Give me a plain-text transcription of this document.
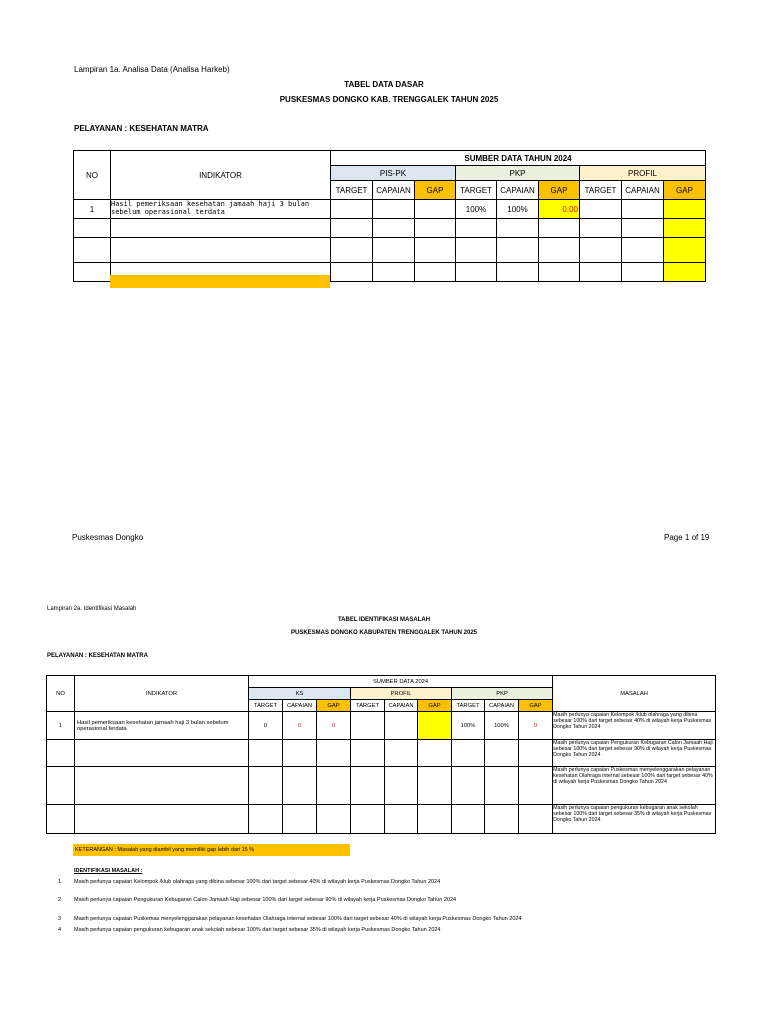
Lampiran 1a. Analisa Data (Analisa Harkeb)
TABEL DATA DASAR
PUSKESMAS DONGKO KAB. TRENGGALEK TAHUN 2025
PELAYANAN : KESEHATAN MATRA
NO	INDIKATOR	SUMBER DATA TAHUN 2024								
		PIS-PK			PKP			PROFIL		
		TARGET	CAPAIAN	GAP	TARGET	CAPAIAN	GAP	TARGET	CAPAIAN	GAP
1	Hasil pemeriksaan kesehatan jamaah haji 3 bulan sebelum operasional terdata				100%	100%	0.00			

Puskesmas Dongko	Page 1 of 19
Lampiran 2a. Identifikasi Masalah
TABEL IDENTIFIKASI MASALAH
PUSKESMAS DONGKO KABUPATEN TRENGGALEK TAHUN 2025
PELAYANAN : KESEHATAN MATRA
NO	INDIKATOR	SUMBER DATA 2024									MASALAH
		KS			PROFIL			PKP			
		TARGET	CAPAIAN	GAP	TARGET	CAPAIAN	GAP	TARGET	CAPAIAN	GAP	
1	Hasil pemeriksaan kesehatan jamaah haji 3 bulan sebelum operasional terdata	0	0	0				100%	100%	0	Masih perlunya capaian Kelompok /klub olahraga yang dibina sebesar 100% dari target sebesar 40% di wilayah kerja Puskesmas Dongko Tahun 2024
											Masih perlunya capaian Pengukuran Kebugaran Calon Jamaah Haji sebesar 100% dari target sebesar 90% di wilayah kerja Puskesmas Dongko Tahun 2024
											Masih perlunya capaian Puskesmas menyelenggarakan pelayanan kesehatan Olahraga internal sebesar 100% dari target sebesar 40% di wilayah kerja Puskesmas Dongko Tahun 2024
											Masih perlunya capaian pengukuran kebugaran anak sekolah sebesar 100% dari target sebesar 35% di wilayah kerja Puskesmas Dongko Tahun 2024
KETERANGAN : Masalah yang diambil yang memiliki gap lebih dari 15 %
IDENTIFIKASI MASALAH :
1 Masih perlunya capaian Kelompok /klub olahraga yang dibina sebesar 100% dari target sebesar 40% di wilayah kerja Puskesmas Dongko Tahun 2024
2 Masih perlunya capaian Pengukuran Kebugaran Calon Jamaah Haji sebesar 100% dari target sebesar 90% di wilayah kerja Puskesmas Dongko Tahun 2024
3 Masih perlunya capaian Puskemas menyelenggarakan pelayanan kesehatan Olahraga internal sebesar 100% dari target sebesar 40% di wilayah kerja Puskesmas Dongko Tahun 2024
4 Masih perlunya capaian pengukuran kebugaran anak sekolah sebesar 100% dari target sebesar 35% di wilayah kerja Puskesmas Dongko Tahun 2024
